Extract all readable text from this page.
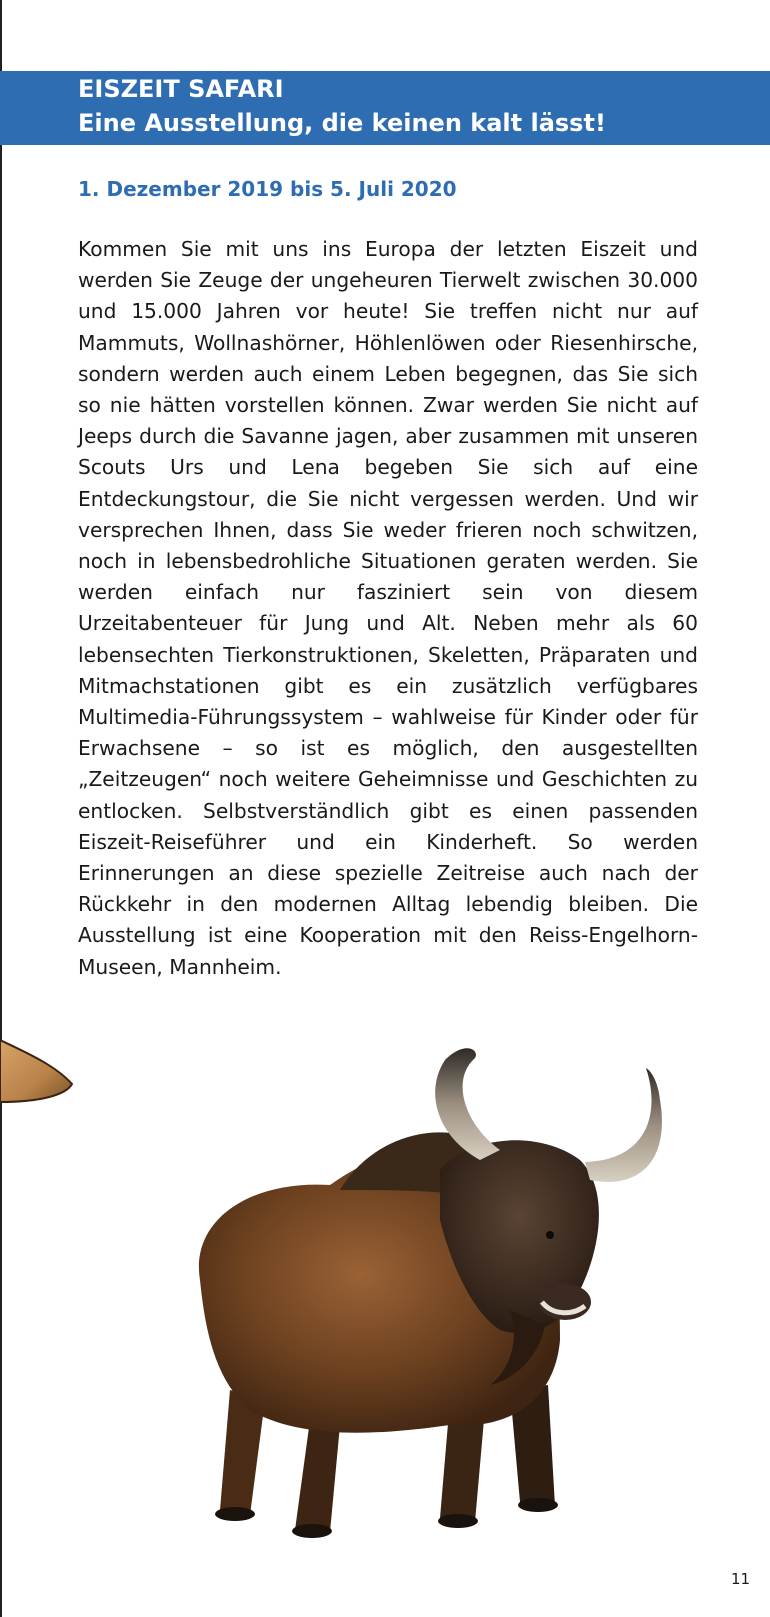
EISZEIT SAFARI
Eine Ausstellung, die keinen kalt lässt!

1. Dezember 2019 bis 5. Juli 2020

Kommen Sie mit uns ins Europa der letzten Eiszeit und werden Sie Zeuge der ungeheuren Tierwelt zwischen 30.000 und 15.000 Jahren vor heute! Sie treffen nicht nur auf Mammuts, Wollnashörner, Höhlenlöwen oder Riesenhirsche, sondern werden auch einem Leben begegnen, das Sie sich so nie hätten vorstellen können. Zwar werden Sie nicht auf Jeeps durch die Savanne jagen, aber zusammen mit unseren Scouts Urs und Lena begeben Sie sich auf eine Entdeckungstour, die Sie nicht vergessen werden. Und wir versprechen Ihnen, dass Sie weder frieren noch schwitzen, noch in lebensbedrohliche Situationen geraten werden. Sie werden einfach nur fasziniert sein von diesem Urzeitabenteuer für Jung und Alt. Neben mehr als 60 lebensechten Tierkonstruktionen, Skeletten, Präparaten und Mitmachstationen gibt es ein zusätzlich verfügbares Multimedia-Führungssystem – wahlweise für Kinder oder für Erwachsene – so ist es möglich, den ausgestellten „Zeitzeugen“ noch weitere Geheimnisse und Geschichten zu entlocken. Selbstverständlich gibt es einen passenden Eiszeit-Reiseführer und ein Kinderheft. So werden Erinnerungen an diese spezielle Zeitreise auch nach der Rückkehr in den modernen Alltag lebendig bleiben. Die Ausstellung ist eine Kooperation mit den Reiss-Engelhorn-Museen, Mannheim.

11
